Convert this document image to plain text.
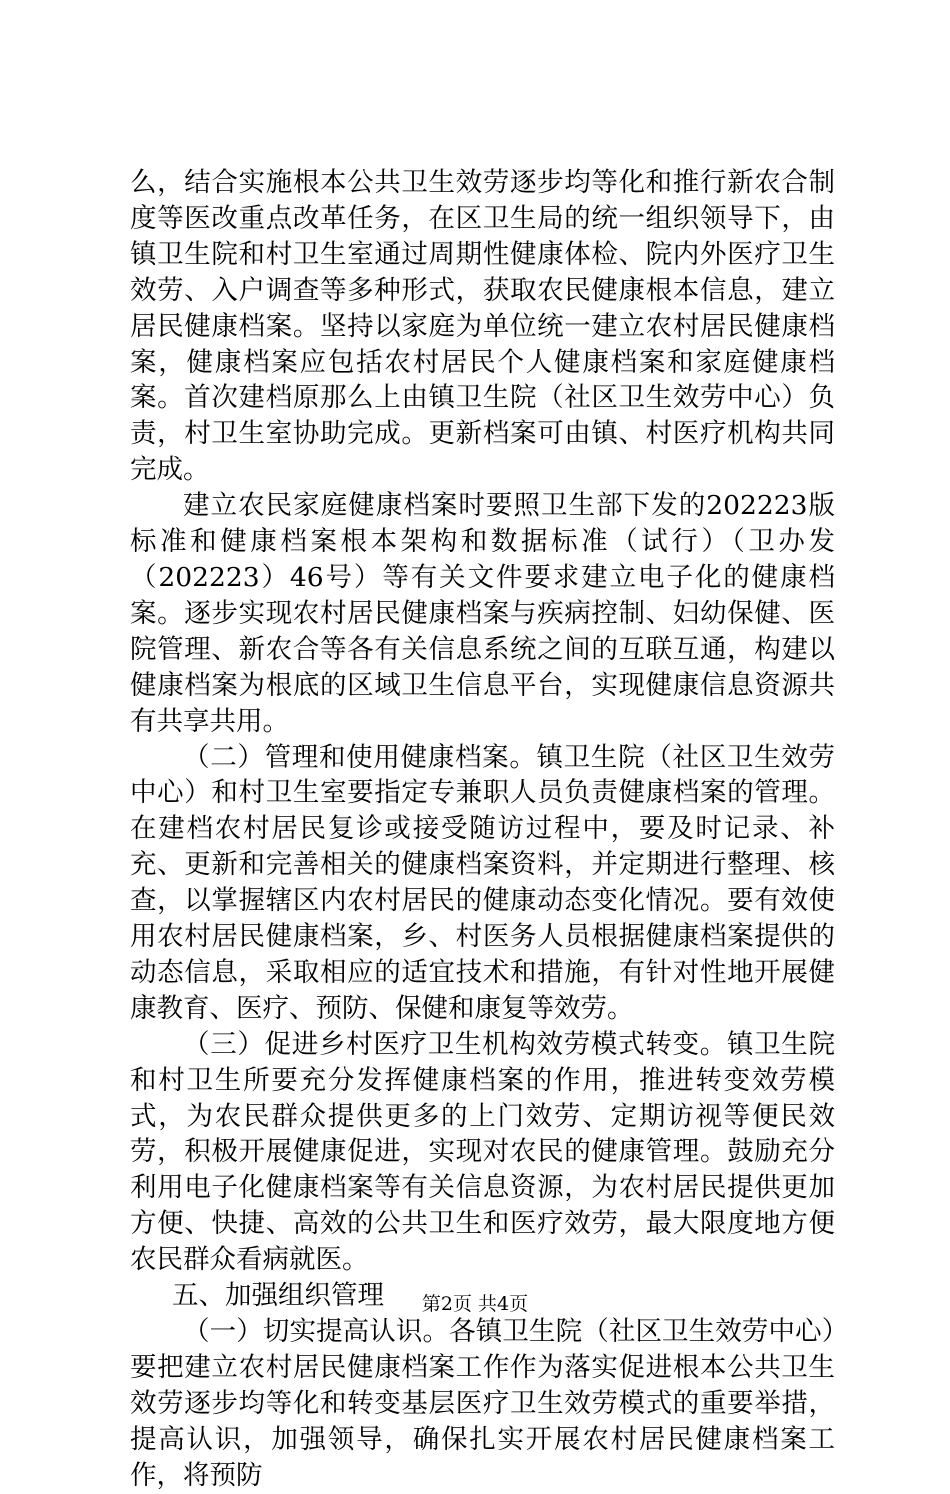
么，结合实施根本公共卫生效劳逐步均等化和推行新农合制度等医改重点改革任务，在区卫生局的统一组织领导下，由镇卫生院和村卫生室通过周期性健康体检、院内外医疗卫生效劳、入户调查等多种形式，获取农民健康根本信息，建立居民健康档案。坚持以家庭为单位统一建立农村居民健康档案，健康档案应包括农村居民个人健康档案和家庭健康档案。首次建档原那么上由镇卫生院（社区卫生效劳中心）负责，村卫生室协助完成。更新档案可由镇、村医疗机构共同完成。

建立农民家庭健康档案时要照卫生部下发的202223版标准和健康档案根本架构和数据标准（试行）（卫办发（202223）46号）等有关文件要求建立电子化的健康档案。逐步实现农村居民健康档案与疾病控制、妇幼保健、医院管理、新农合等各有关信息系统之间的互联互通，构建以健康档案为根底的区域卫生信息平台，实现健康信息资源共有共享共用。

（二）管理和使用健康档案。镇卫生院（社区卫生效劳中心）和村卫生室要指定专兼职人员负责健康档案的管理。在建档农村居民复诊或接受随访过程中，要及时记录、补充、更新和完善相关的健康档案资料，并定期进行整理、核查，以掌握辖区内农村居民的健康动态变化情况。要有效使用农村居民健康档案，乡、村医务人员根据健康档案提供的动态信息，采取相应的适宜技术和措施，有针对性地开展健康教育、医疗、预防、保健和康复等效劳。

（三）促进乡村医疗卫生机构效劳模式转变。镇卫生院和村卫生所要充分发挥健康档案的作用，推进转变效劳模式，为农民群众提供更多的上门效劳、定期访视等便民效劳，积极开展健康促进，实现对农民的健康管理。鼓励充分利用电子化健康档案等有关信息资源，为农村居民提供更加方便、快捷、高效的公共卫生和医疗效劳，最大限度地方便农民群众看病就医。

五、加强组织管理

（一）切实提高认识。各镇卫生院（社区卫生效劳中心）要把建立农村居民健康档案工作作为落实促进根本公共卫生效劳逐步均等化和转变基层医疗卫生效劳模式的重要举措，提高认识，加强领导，确保扎实开展农村居民健康档案工作，将预防

第2页 共4页
